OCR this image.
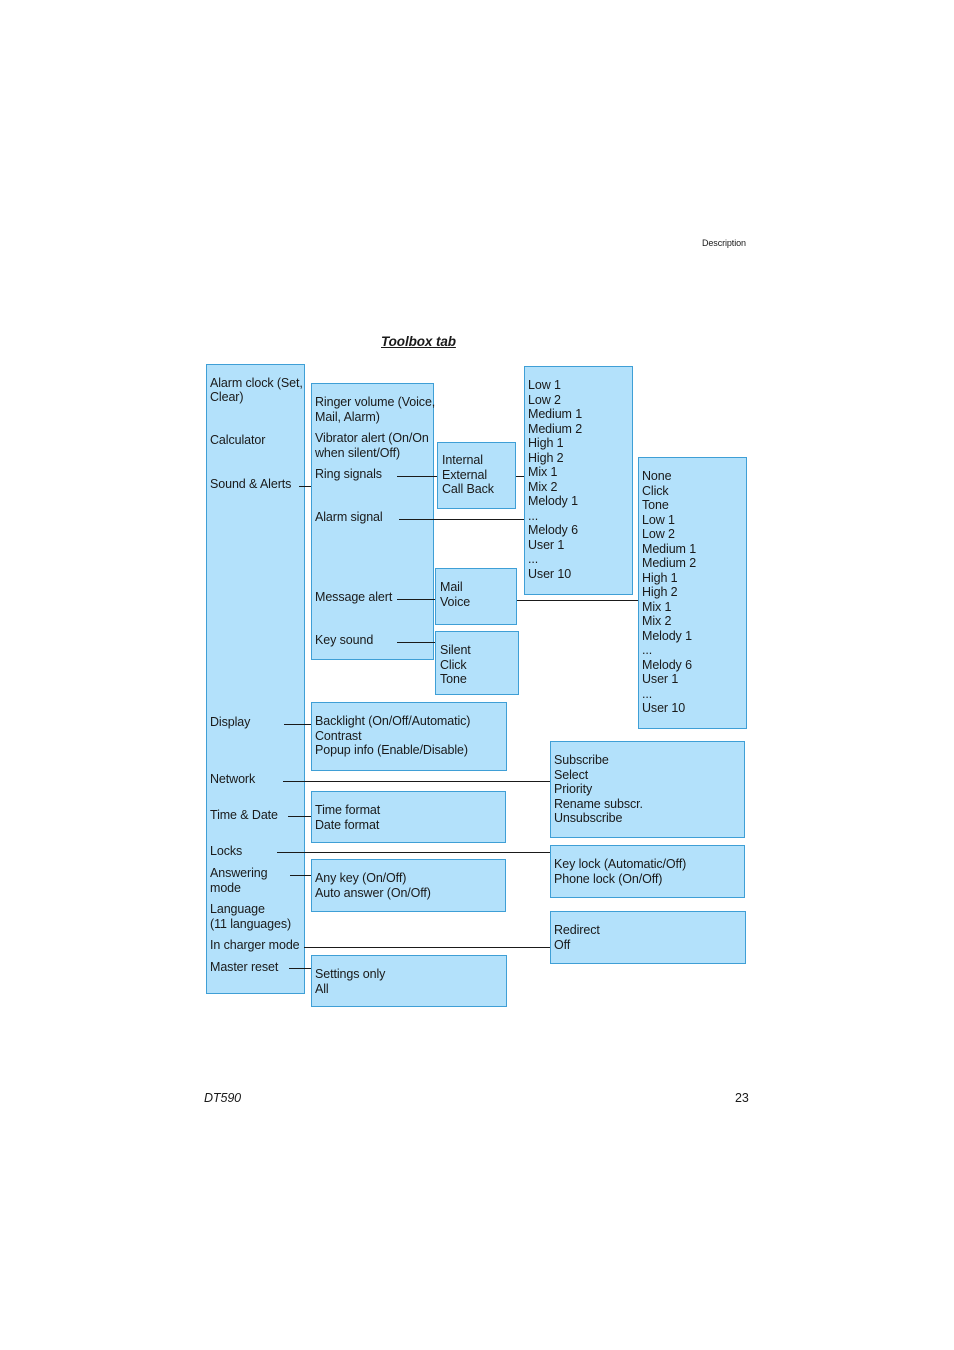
Description
Toolbox tab
Alarm clock (Set,
Clear)
Calculator
Sound & Alerts
Display
Network
Time & Date
Locks
Answering
mode
Language
(11 languages)
In charger mode
Master reset
Ringer volume (Voice,
Mail, Alarm)
Vibrator alert (On/On
when silent/Off)
Ring signals
Alarm signal
Message alert
Key sound
Internal
External
Call Back
Low 1
Low 2
Medium 1
Medium 2
High 1
High 2
Mix 1
Mix 2
Melody 1
...
Melody 6
User 1
...
User 10
Mail
Voice
Silent
Click
Tone
None
Click
Tone
Low 1
Low 2
Medium 1
Medium 2
High 1
High 2
Mix 1
Mix 2
Melody 1
...
Melody 6
User 1
...
User 10
Backlight (On/Off/Automatic)
Contrast
Popup info (Enable/Disable)
Subscribe
Select
Priority
Rename subscr.
Unsubscribe
Time format
Date format
Key lock (Automatic/Off)
Phone lock (On/Off)
Any key (On/Off)
Auto answer (On/Off)
Redirect
Off
Settings only
All
DT590	23
